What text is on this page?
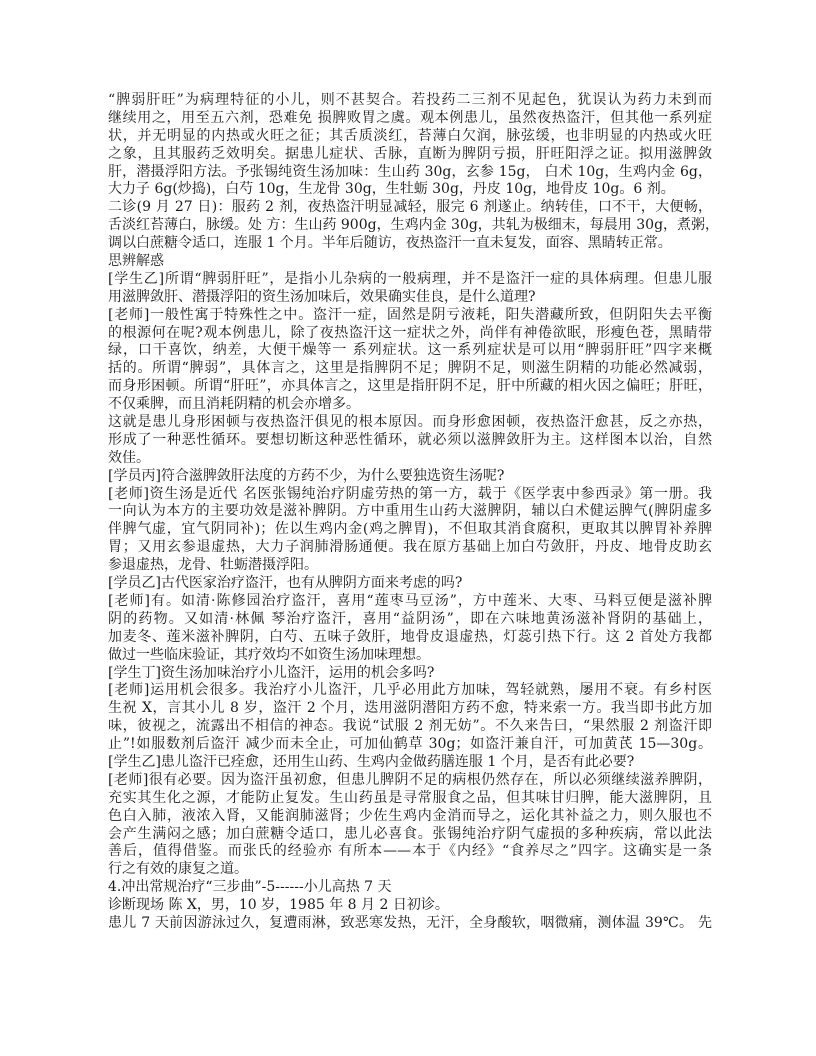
“脾弱肝旺”为病理特征的小儿，则不甚契合。若投药二三剂不见起色，犹误认为药力未到而
继续用之，用至五六剂，恐难免 损脾败胃之虞。观本例患儿，虽然夜热盗汗，但其他一系列症
状，并无明显的内热或火旺之征；其舌质淡红，苔薄白欠润，脉弦缓，也非明显的内热或火旺
之象，且其服药乏效明矣。据患儿症状、舌脉，直断为脾阴亏损，肝旺阳浮之证。拟用滋脾敛
肝，潜摄浮阳方法。予张锡纯资生汤加味：生山药 30g，玄参 15g， 白术 10g，生鸡内金 6g，
大力子 6g(炒捣)，白芍 10g，生龙骨 30g，生牡蛎 30g，丹皮 10g，地骨皮 10g。6 剂。
二诊(9 月 27 日)：服药 2 剂，夜热盗汗明显减轻，服完 6 剂遂止。纳转佳，口不干，大便畅，
舌淡红苔薄白，脉缓。处 方：生山药 900g，生鸡内金 30g，共轧为极细末，每晨用 30g，煮粥，
调以白蔗糖令适口，连服 1 个月。半年后随访，夜热盗汗一直未复发，面容、黑睛转正常。
思辨解惑
[学生乙]所谓“脾弱肝旺”，是指小儿杂病的一般病理，并不是盗汗一症的具体病理。但患儿服
用滋脾敛肝、潜摄浮阳的资生汤加味后，效果确实佳良，是什么道理?
[老师]一般性寓于特殊性之中。盗汗一症，固然是阴亏液耗，阳失潜藏所致，但阴阳失去平衡
的根源何在呢?观本例患儿，除了夜热盗汗这一症状之外，尚伴有神倦欲眠，形瘦色苍，黑睛带
绿，口干喜饮，纳差，大便干燥等一 系列症状。这一系列症状是可以用“脾弱肝旺”四字来概
括的。所谓“脾弱”，具体言之，这里是指脾阴不足；脾阴不足，则滋生阴精的功能必然减弱，
而身形困顿。所谓“肝旺”，亦具体言之，这里是指肝阴不足，肝中所藏的相火因之偏旺；肝旺，
不仅乘脾，而且消耗阴精的机会亦增多。
这就是患儿身形困顿与夜热盗汗俱见的根本原因。而身形愈困顿，夜热盗汗愈甚，反之亦热，
形成了一种恶性循环。要想切断这种恶性循环，就必须以滋脾敛肝为主。这样图本以治，自然
效佳。
[学员丙]符合滋脾敛肝法度的方药不少，为什么要独选资生汤呢?
[老师]资生汤是近代 名医张锡纯治疗阴虚劳热的第一方，载于《医学衷中参西录》第一册。我
一向认为本方的主要功效是滋补脾阴。方中重用生山药大滋脾阴，辅以白术健运脾气(脾阴虚多
伴脾气虚，宜气阴同补)；佐以生鸡内金(鸡之脾胃)，不但取其消食腐积，更取其以脾胃补养脾
胃；又用玄参退虚热，大力子润肺滑肠通便。我在原方基础上加白芍敛肝，丹皮、地骨皮助玄
参退虚热，龙骨、牡蛎潜摄浮阳。
[学员乙]古代医家治疗盗汗，也有从脾阴方面来考虑的吗?
[老师]有。如清·陈修园治疗盗汗，喜用“莲枣马豆汤”，方中莲米、大枣、马料豆便是滋补脾
阴的药物。又如清·林佩 琴治疗盗汗，喜用“益阴汤”，即在六味地黄汤滋补肾阴的基础上，
加麦冬、莲米滋补脾阴，白芍、五味子敛肝，地骨皮退虚热，灯蕊引热下行。这 2 首处方我都
做过一些临床验证，其疗效均不如资生汤加味理想。
[学生丁]资生汤加味治疗小儿盗汗，运用的机会多吗?
[老师]运用机会很多。我治疗小儿盗汗，几乎必用此方加味，驾轻就熟，屡用不衰。有乡村医
生祝 X，言其小儿 8 岁，盗汗 2 个月，迭用滋阴潜阳方药不愈，特来索一方。我当即书此方加
味，彼视之，流露出不相信的神态。我说“试服 2 剂无妨”。不久来告曰，“果然服 2 剂盗汗即
止”!如服数剂后盗汗 减少而未全止，可加仙鹤草 30g；如盗汗兼自汗，可加黄芪 15—30g。
[学生乙]患儿盗汗已痊愈，还用生山药、生鸡内金做药膳连服 1 个月，是否有此必要?
[老师]很有必要。因为盗汗虽初愈，但患儿脾阴不足的病根仍然存在，所以必须继续滋养脾阴，
充实其生化之源，才能防止复发。生山药虽是寻常服食之品，但其味甘归脾，能大滋脾阴，且
色白入肺，液浓入肾，又能润肺滋肾；少佐生鸡内金消而导之，运化其补益之力，则久服也不
会产生满闷之感；加白蔗糖令适口，患儿必喜食。张锡纯治疗阴气虚损的多种疾病，常以此法
善后，值得借鉴。而张氏的经验亦 有所本——本于《内经》“食养尽之”四字。这确实是一条
行之有效的康复之道。
4.冲出常规治疗“三步曲”-5------小儿高热 7 天
诊断现场 陈 X，男，10 岁，1985 年 8 月 2 日初诊。
患儿 7 天前因游泳过久，复遭雨淋，致恶寒发热，无汗，全身酸软，咽微痛，测体温 39℃。 先
